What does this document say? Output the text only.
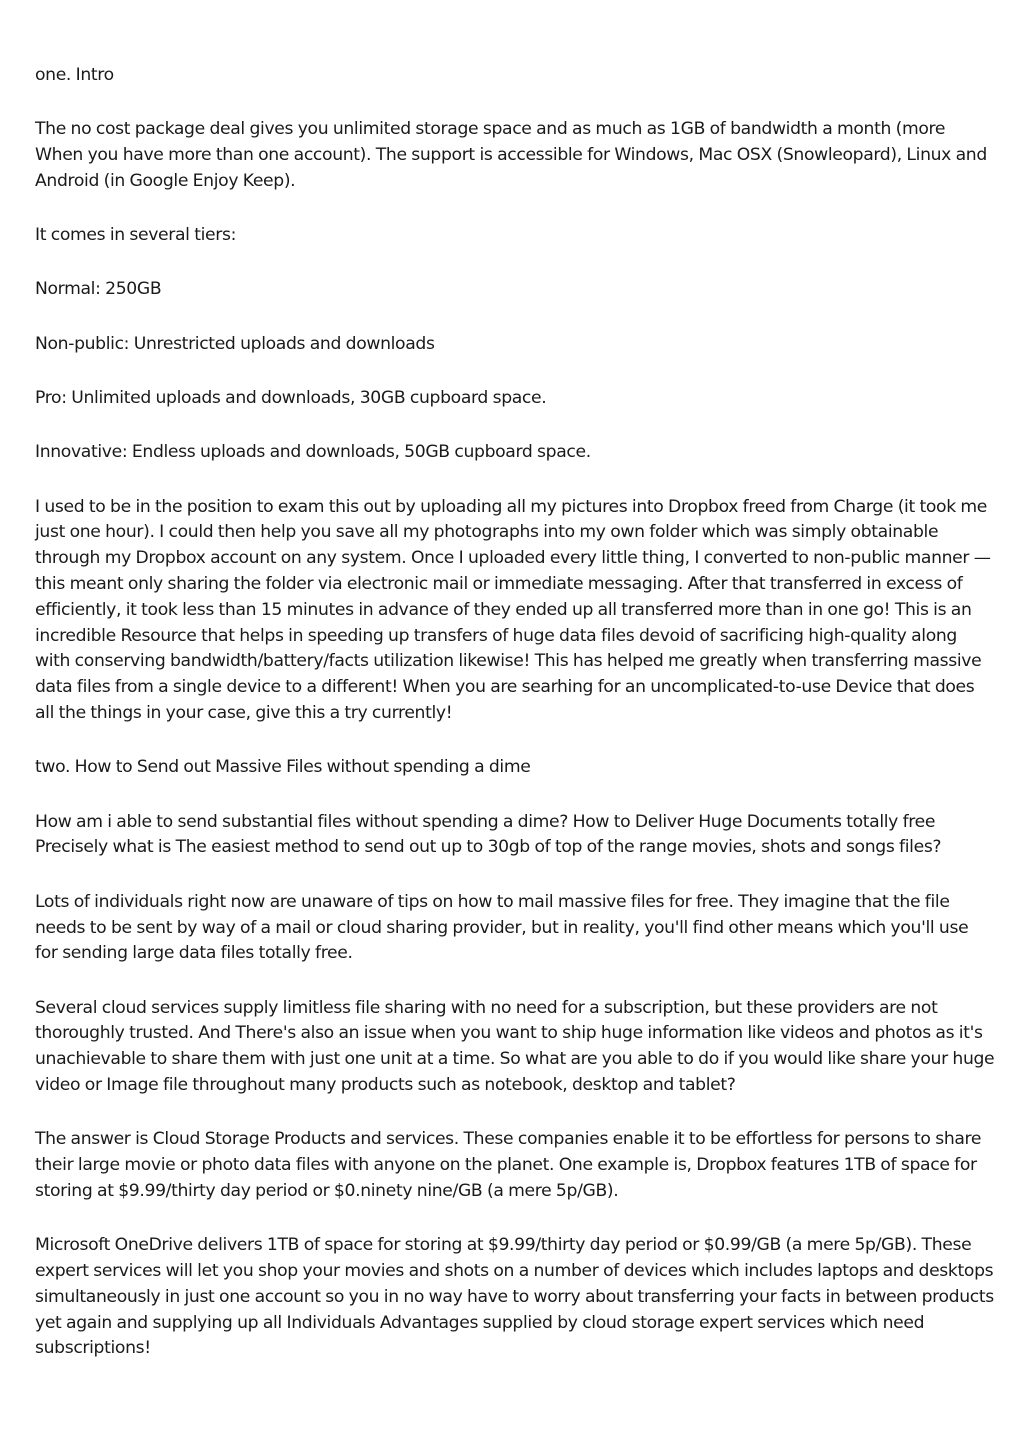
one. Intro

The no cost package deal gives you unlimited storage space and as much as 1GB of bandwidth a month (more When you have more than one account). The support is accessible for Windows, Mac OSX (Snowleopard), Linux and Android (in Google Enjoy Keep).

It comes in several tiers:

Normal: 250GB

Non-public: Unrestricted uploads and downloads

Pro: Unlimited uploads and downloads, 30GB cupboard space.

Innovative: Endless uploads and downloads, 50GB cupboard space.

I used to be in the position to exam this out by uploading all my pictures into Dropbox freed from Charge (it took me just one hour). I could then help you save all my photographs into my own folder which was simply obtainable through my Dropbox account on any system. Once I uploaded every little thing, I converted to non-public manner — this meant only sharing the folder via electronic mail or immediate messaging. After that transferred in excess of efficiently, it took less than 15 minutes in advance of they ended up all transferred more than in one go! This is an incredible Resource that helps in speeding up transfers of huge data files devoid of sacrificing high-quality along with conserving bandwidth/battery/facts utilization likewise! This has helped me greatly when transferring massive data files from a single device to a different! When you are searhing for an uncomplicated-to-use Device that does all the things in your case, give this a try currently!

two. How to Send out Massive Files without spending a dime

How am i able to send substantial files without spending a dime? How to Deliver Huge Documents totally free Precisely what is The easiest method to send out up to 30gb of top of the range movies, shots and songs files?

Lots of individuals right now are unaware of tips on how to mail massive files for free. They imagine that the file needs to be sent by way of a mail or cloud sharing provider, but in reality, you'll find other means which you'll use for sending large data files totally free.

Several cloud services supply limitless file sharing with no need for a subscription, but these providers are not thoroughly trusted. And There's also an issue when you want to ship huge information like videos and photos as it's unachievable to share them with just one unit at a time. So what are you able to do if you would like share your huge video or Image file throughout many products such as notebook, desktop and tablet?

The answer is Cloud Storage Products and services. These companies enable it to be effortless for persons to share their large movie or photo data files with anyone on the planet. One example is, Dropbox features 1TB of space for storing at $9.99/thirty day period or $0.ninety nine/GB (a mere 5p/GB).

Microsoft OneDrive delivers 1TB of space for storing at $9.99/thirty day period or $0.99/GB (a mere 5p/GB). These expert services will let you shop your movies and shots on a number of devices which includes laptops and desktops simultaneously in just one account so you in no way have to worry about transferring your facts in between products yet again and supplying up all Individuals Advantages supplied by cloud storage expert services which need subscriptions!
